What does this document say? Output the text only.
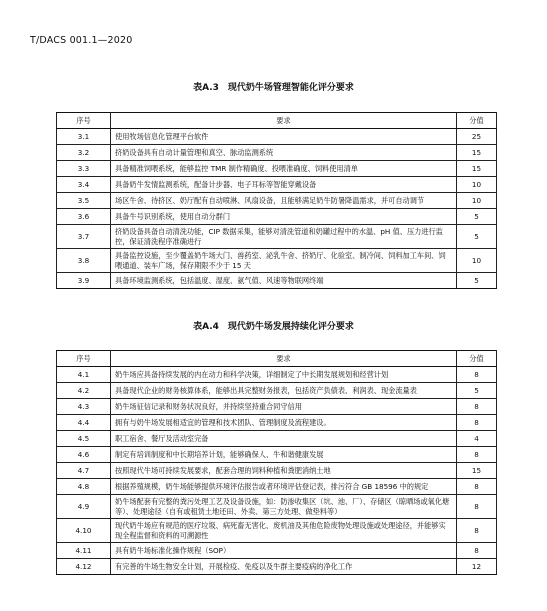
T/DACS 001.1—2020
表A.3　现代奶牛场管理智能化评分要求
序号	要求	分值
3.1	使用牧场信息化管理平台软件	25
3.2	挤奶设备具有自动计量管理和真空、脉动监测系统	15
3.3	具备精准饲喂系统，能够监控 TMR 制作精确度、投喂准确度、饲料使用清单	15
3.4	具备奶牛发情监测系统，配备计步器、电子耳标等智能穿戴设备	10
3.5	场区牛舍、待挤区、奶厅配有自动喷淋、风扇设备，且能够满足奶牛防暑降温需求，并可自动调节	10
3.6	具备牛号识别系统，使用自动分群门	5
3.7	挤奶设备具备自动清洗功能，CIP 数据采集，能够对清洗管道和奶罐过程中的水温、pH 值、压力进行监控，保证清洗程序准确进行	5
3.8	具备监控设施，至少覆盖奶牛场大门、兽药室、泌乳牛舍、挤奶厅、化验室、制冷间、饲料加工车间、饲喂通道、装车广场，保存期限不少于 15 天	10
3.9	具备环境监测系统，包括温度、湿度、氨气值、风速等物联网终端	5
表A.4　现代奶牛场发展持续化评分要求
序号	要求	分值
4.1	奶牛场应具备持续发展的内在动力和科学决策，详细制定了中长期发展规划和经营计划	8
4.2	具备现代企业的财务核算体系，能够出具完整财务报表，包括资产负债表、利润表、现金流量表	5
4.3	奶牛场征信记录和财务状况良好，并持续坚持重合同守信用	8
4.4	拥有与奶牛场发展相适宜的管理和技术团队、管理制度及流程建设。	8
4.5	职工宿舍、餐厅及活动室完备	4
4.6	制定有培训制度和中长期培养计划，能够确保人、牛和谐健康发展	8
4.7	按照现代牛场可持续发展要求，配套合理的饲料种植和粪肥消纳土地	15
4.8	根据养殖规模，奶牛场能够提供环境评估报告或者环境评估登记表，排污符合 GB 18596 中的规定	8
4.9	奶牛场配套有完整的粪污处理工艺及设备设施，如：防渗收集区（坑、池、厂）、存储区（晾晒场或氧化塘等）、处理途径（自有或租赁土地还田、外卖、第三方处理、做垫料等）	8
4.10	现代奶牛场应有规范的医疗垃圾、病死畜无害化、废机油及其他危险废物处理设施或处理途径，并能够实现全程监督和资料的可溯源性	8
4.11	具有奶牛场标准化操作规程（SOP）	8
4.12	有完善的牛场生物安全计划，开展检疫、免疫以及牛群主要疫病的净化工作	12
